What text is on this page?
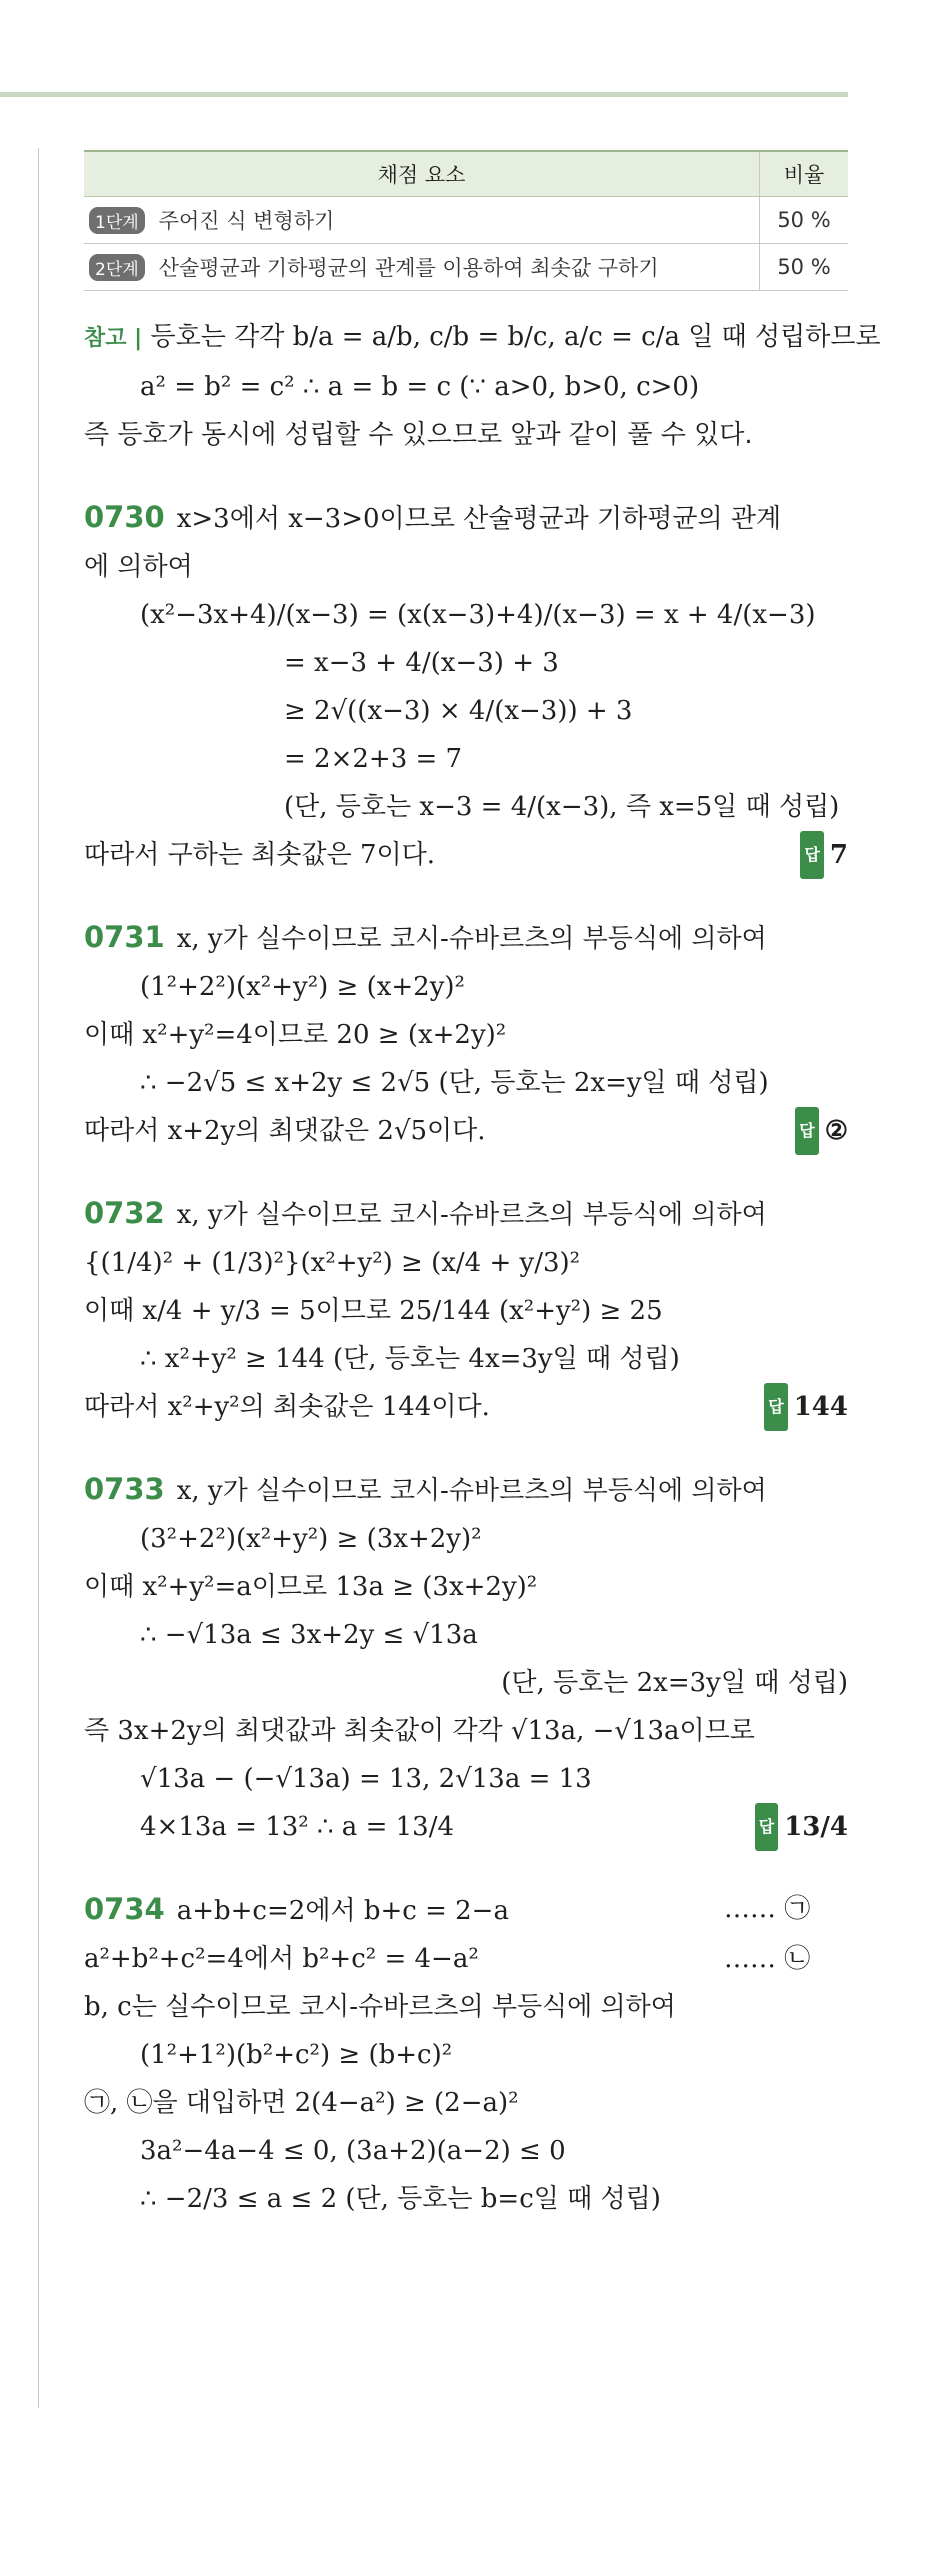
채점 요소	비율
1단계 주어진 식 변형하기	50 %
2단계 산술평균과 기하평균의 관계를 이용하여 최솟값 구하기	50 %
참고 | 등호는 각각 b/a = a/b, c/b = b/c, a/c = c/a 일 때 성립하므로
a² = b² = c² ∴ a = b = c (∵ a>0, b>0, c>0)
즉 등호가 동시에 성립할 수 있으므로 앞과 같이 풀 수 있다.
0730 x>3에서 x−3>0이므로 산술평균과 기하평균의 관계
에 의하여
(x²−3x+4)/(x−3) = (x(x−3)+4)/(x−3) = x + 4/(x−3)
= x−3 + 4/(x−3) + 3
≥ 2√((x−3) × 4/(x−3)) + 3
= 2×2+3 = 7
(단, 등호는 x−3 = 4/(x−3), 즉 x=5일 때 성립)
따라서 구하는 최솟값은 7이다.	답 7
0731 x, y가 실수이므로 코시-슈바르츠의 부등식에 의하여
(1²+2²)(x²+y²) ≥ (x+2y)²
이때 x²+y²=4이므로 20 ≥ (x+2y)²
∴ −2√5 ≤ x+2y ≤ 2√5 (단, 등호는 2x=y일 때 성립)
따라서 x+2y의 최댓값은 2√5이다.	답 ②
0732 x, y가 실수이므로 코시-슈바르츠의 부등식에 의하여
{(1/4)² + (1/3)²}(x²+y²) ≥ (x/4 + y/3)²
이때 x/4 + y/3 = 5이므로 25/144 (x²+y²) ≥ 25
∴ x²+y² ≥ 144 (단, 등호는 4x=3y일 때 성립)
따라서 x²+y²의 최솟값은 144이다.	답 144
0733 x, y가 실수이므로 코시-슈바르츠의 부등식에 의하여
(3²+2²)(x²+y²) ≥ (3x+2y)²
이때 x²+y²=a이므로 13a ≥ (3x+2y)²
∴ −√13a ≤ 3x+2y ≤ √13a
(단, 등호는 2x=3y일 때 성립)
즉 3x+2y의 최댓값과 최솟값이 각각 √13a, −√13a이므로
√13a − (−√13a) = 13, 2√13a = 13
4×13a = 13² ∴ a = 13/4	답 13/4
0734 a+b+c=2에서 b+c = 2−a	…… ㉠
a²+b²+c²=4에서 b²+c² = 4−a²	…… ㉡
b, c는 실수이므로 코시-슈바르츠의 부등식에 의하여
(1²+1²)(b²+c²) ≥ (b+c)²
㉠, ㉡을 대입하면 2(4−a²) ≥ (2−a)²
3a²−4a−4 ≤ 0, (3a+2)(a−2) ≤ 0
∴ −2/3 ≤ a ≤ 2 (단, 등호는 b=c일 때 성립)
